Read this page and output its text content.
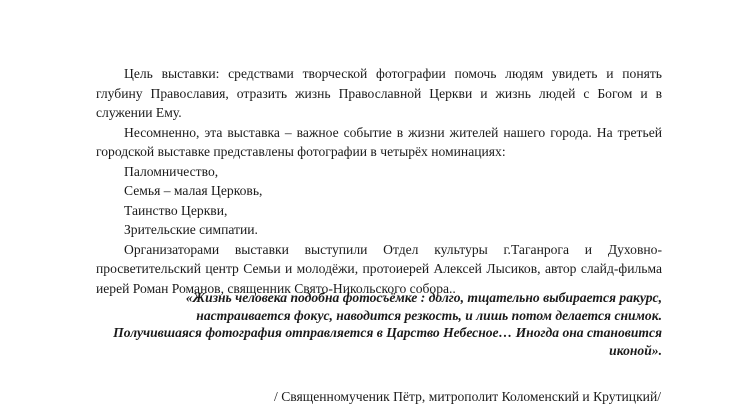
Цель выставки: средствами творческой фотографии помочь людям увидеть и понять глубину Православия, отразить жизнь Православной Церкви и жизнь людей с Богом и в служении Ему.

Несомненно, эта выставка – важное событие в жизни жителей нашего города. На третьей городской выставке представлены фотографии в четырёх номинациях:

Паломничество,

Семья – малая Церковь,

Таинство Церкви,

Зрительские симпатии.

Организаторами выставки выступили Отдел культуры г.Таганрога и Духовно-просветительский центр Семьи и молодёжи, протоиерей Алексей Лысиков, автор слайд-фильма иерей Роман Романов, священник Свято-Никольского собора..

«Жизнь человека подобна фотосъёмке : долго, тщательно выбирается ракурс, настраивается фокус, наводится резкость, и лишь потом делается снимок. Получившаяся фотография отправляется в Царство Небесное… Иногда она становится иконой».

/ Священномученик Пётр, митрополит Коломенский и Крутицкий/
